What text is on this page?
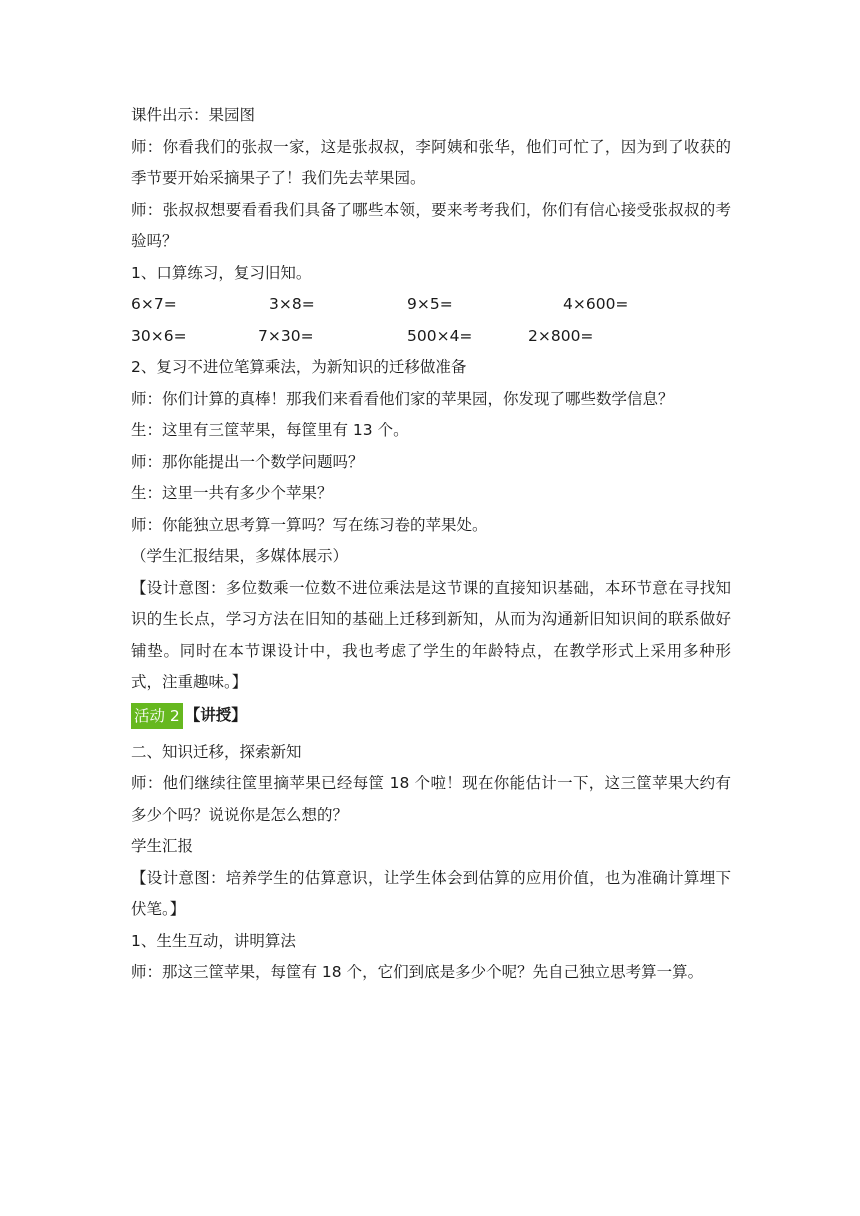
课件出示：果园图

师：你看我们的张叔一家，这是张叔叔，李阿姨和张华，他们可忙了，因为到了收获的季节要开始采摘果子了！我们先去苹果园。

师：张叔叔想要看看我们具备了哪些本领，要来考考我们，你们有信心接受张叔叔的考验吗？

1、口算练习，复习旧知。

6×7=	3×8=	9×5=	4×600=
30×6=	7×30=	500×4=	2×800=

2、复习不进位笔算乘法，为新知识的迁移做准备

师：你们计算的真棒！那我们来看看他们家的苹果园，你发现了哪些数学信息？

生：这里有三筐苹果，每筐里有 13 个。

师：那你能提出一个数学问题吗？

生：这里一共有多少个苹果？

师：你能独立思考算一算吗？写在练习卷的苹果处。

（学生汇报结果，多媒体展示）

【设计意图：多位数乘一位数不进位乘法是这节课的直接知识基础，本环节意在寻找知识的生长点，学习方法在旧知的基础上迁移到新知，从而为沟通新旧知识间的联系做好铺垫。同时在本节课设计中，我也考虑了学生的年龄特点，在教学形式上采用多种形式，注重趣味。】

活动 2 【讲授】

二、知识迁移，探索新知

师：他们继续往筐里摘苹果已经每筐 18 个啦！现在你能估计一下，这三筐苹果大约有多少个吗？说说你是怎么想的？

学生汇报

【设计意图：培养学生的估算意识，让学生体会到估算的应用价值，也为准确计算埋下伏笔。】

1、生生互动，讲明算法

师：那这三筐苹果，每筐有 18 个，它们到底是多少个呢？先自己独立思考算一算。
